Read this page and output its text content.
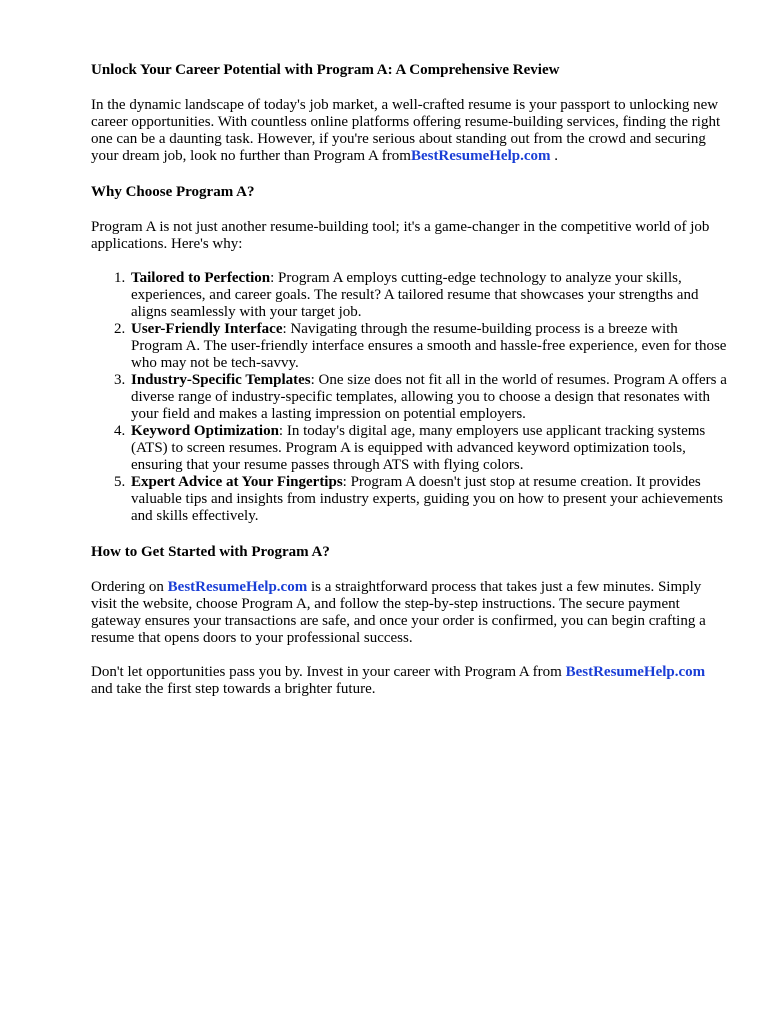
Unlock Your Career Potential with Program A: A Comprehensive Review

In the dynamic landscape of today's job market, a well-crafted resume is your passport to unlocking new career opportunities. With countless online platforms offering resume-building services, finding the right one can be a daunting task. However, if you're serious about standing out from the crowd and securing your dream job, look no further than Program A fromBestResumeHelp.com .

Why Choose Program A?

Program A is not just another resume-building tool; it's a game-changer in the competitive world of job applications. Here's why:

1. Tailored to Perfection: Program A employs cutting-edge technology to analyze your skills, experiences, and career goals. The result? A tailored resume that showcases your strengths and aligns seamlessly with your target job.
2. User-Friendly Interface: Navigating through the resume-building process is a breeze with Program A. The user-friendly interface ensures a smooth and hassle-free experience, even for those who may not be tech-savvy.
3. Industry-Specific Templates: One size does not fit all in the world of resumes. Program A offers a diverse range of industry-specific templates, allowing you to choose a design that resonates with your field and makes a lasting impression on potential employers.
4. Keyword Optimization: In today's digital age, many employers use applicant tracking systems (ATS) to screen resumes. Program A is equipped with advanced keyword optimization tools, ensuring that your resume passes through ATS with flying colors.
5. Expert Advice at Your Fingertips: Program A doesn't just stop at resume creation. It provides valuable tips and insights from industry experts, guiding you on how to present your achievements and skills effectively.
How to Get Started with Program A?

Ordering on BestResumeHelp.com is a straightforward process that takes just a few minutes. Simply visit the website, choose Program A, and follow the step-by-step instructions. The secure payment gateway ensures your transactions are safe, and once your order is confirmed, you can begin crafting a resume that opens doors to your professional success.

Don't let opportunities pass you by. Invest in your career with Program A from BestResumeHelp.com and take the first step towards a brighter future.
